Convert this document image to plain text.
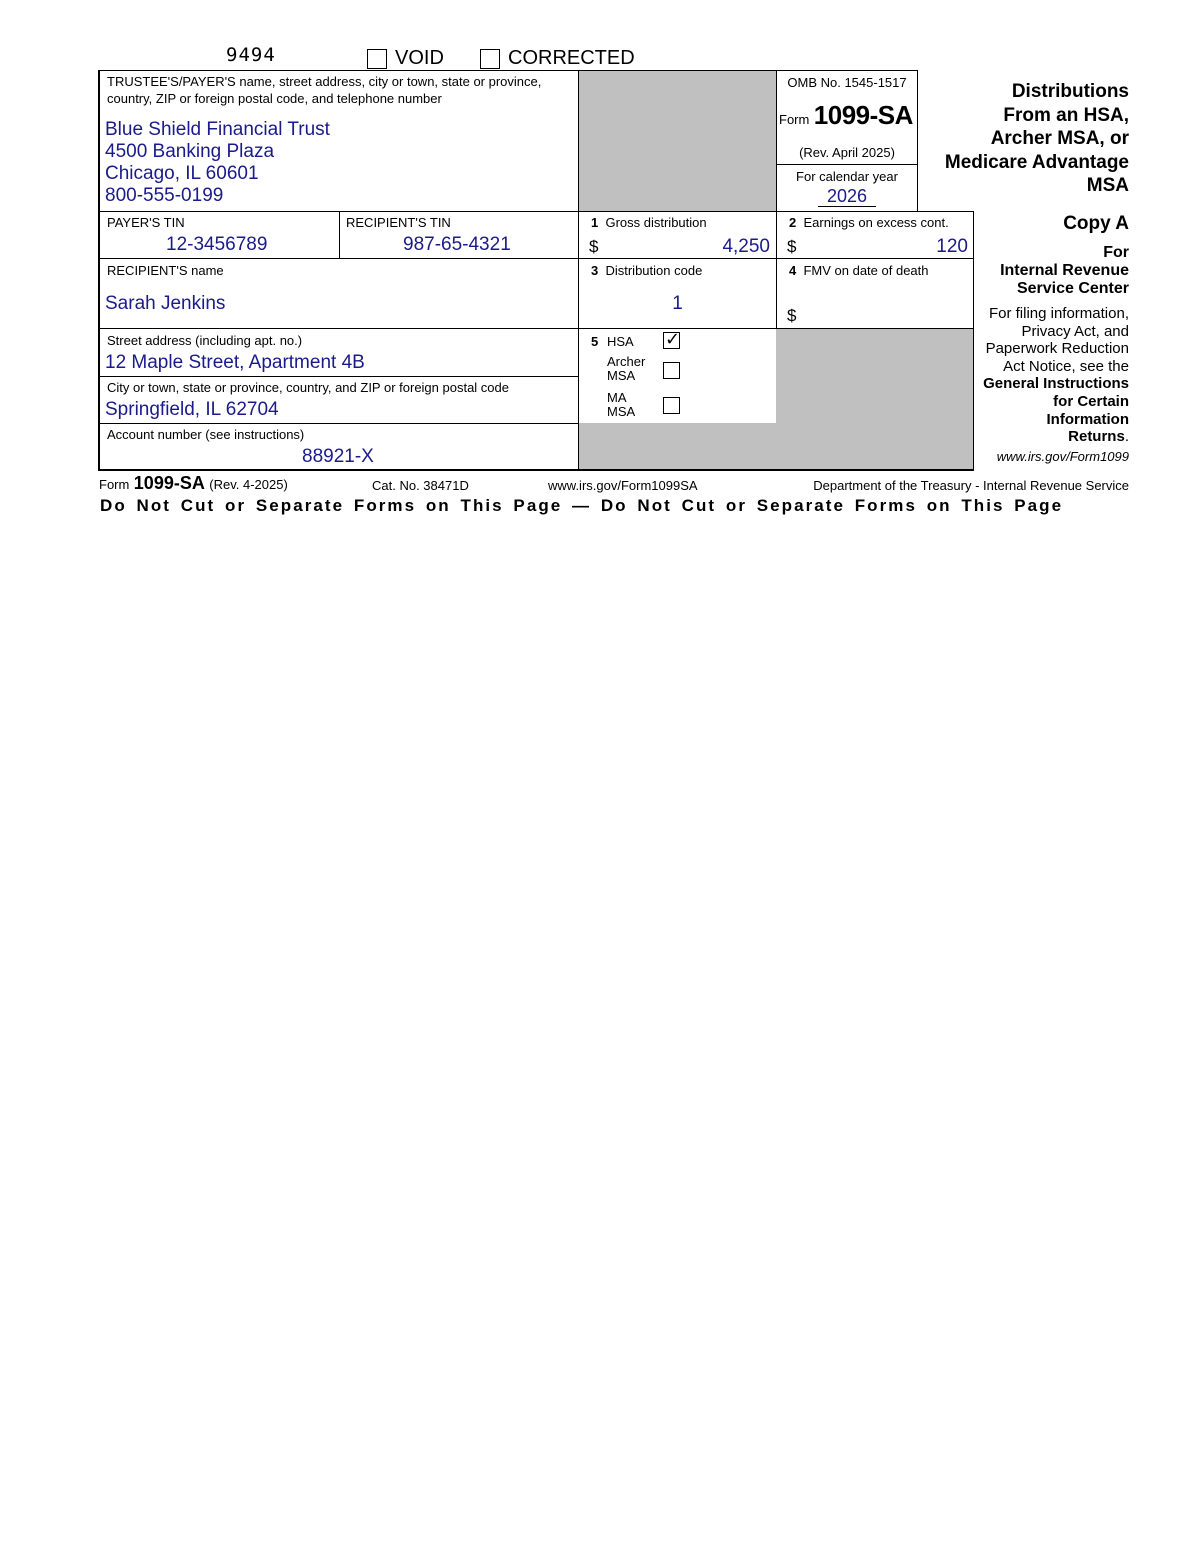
9494	VOID	CORRECTED
TRUSTEE'S/PAYER'S name, street address, city or town, state or province, country, ZIP or foreign postal code, and telephone number
Blue Shield Financial Trust
4500 Banking Plaza
Chicago, IL 60601
800-555-0199
OMB No. 1545-1517
Form 1099-SA
(Rev. April 2025)
For calendar year
2026
Distributions
From an HSA,
Archer MSA, or
Medicare Advantage
MSA
PAYER'S TIN
12-3456789
RECIPIENT'S TIN
987-65-4321
1 Gross distribution
$	4,250
2 Earnings on excess cont.
$	120
Copy A
For
Internal Revenue
Service Center
For filing information,
Privacy Act, and
Paperwork Reduction
Act Notice, see the
General Instructions
for Certain
Information
Returns.
www.irs.gov/Form1099
RECIPIENT'S name
Sarah Jenkins
3 Distribution code
1
4 FMV on date of death
$
Street address (including apt. no.)
12 Maple Street, Apartment 4B
City or town, state or province, country, and ZIP or foreign postal code
Springfield, IL 62704
5 HSA ✓
Archer
MSA
MA
MSA
Account number (see instructions)
88921-X
Form 1099-SA (Rev. 4-2025)	Cat. No. 38471D	www.irs.gov/Form1099SA	Department of the Treasury - Internal Revenue Service
Do Not Cut or Separate Forms on This Page — Do Not Cut or Separate Forms on This Page
